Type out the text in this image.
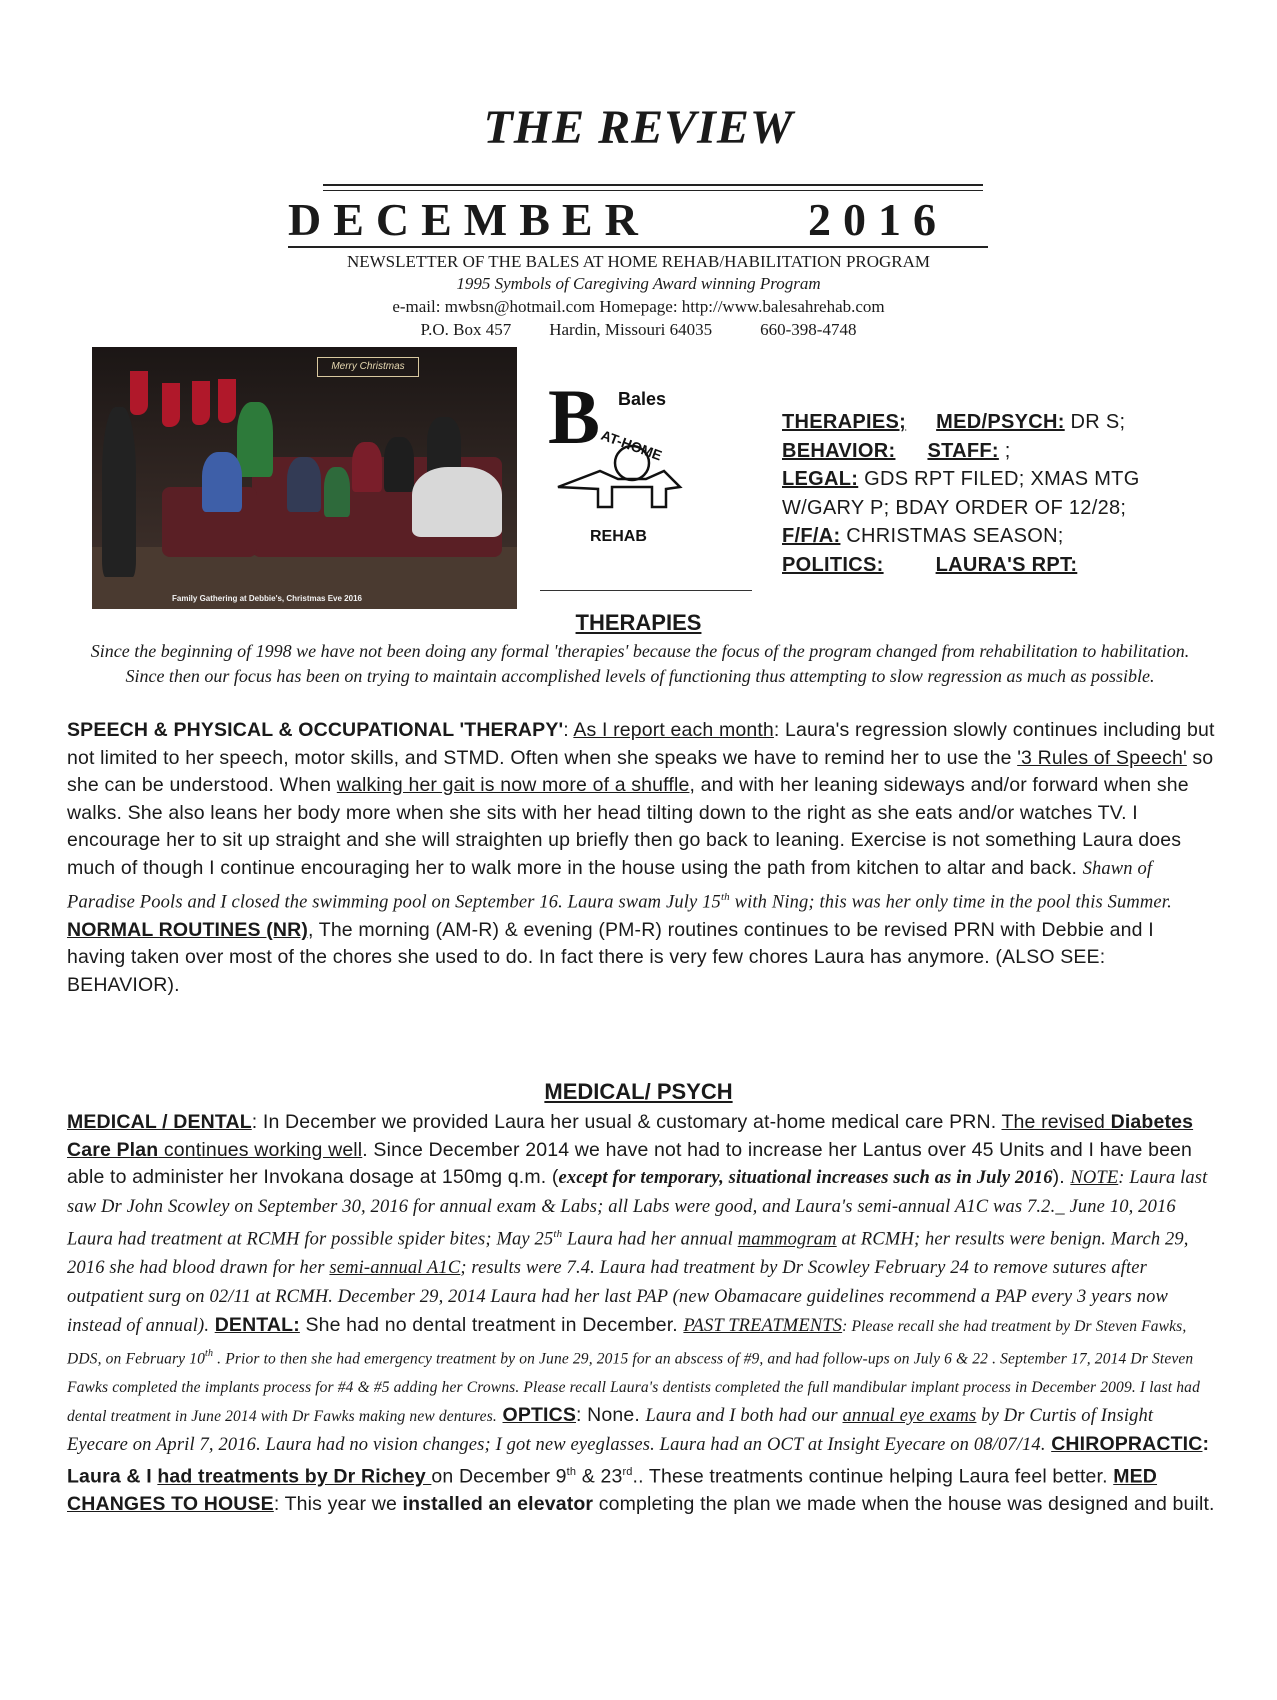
THE REVIEW
DECEMBER	2016
NEWSLETTER OF THE BALES AT HOME REHAB/HABILITATION PROGRAM
1995 Symbols of Caregiving Award winning Program
e-mail: mwbsn@hotmail.com Homepage: http://www.balesahrehab.com
P.O. Box 457 Hardin, Missouri 64035	660-398-4748
Merry Christmas
Family Gathering at Debbie's, Christmas Eve 2016
B Bales
AT-HOME
REHAB
THERAPIES; MED/PSYCH: DR S;
BEHAVIOR: STAFF: ;
LEGAL: GDS RPT FILED; XMAS MTG
W/GARY P; BDAY ORDER OF 12/28;
F/F/A: CHRISTMAS SEASON;
POLITICS:	LAURA'S RPT:
THERAPIES
Since the beginning of 1998 we have not been doing any formal 'therapies' because the focus of the program changed from rehabilitation to habilitation. Since then our focus has been on trying to maintain accomplished levels of functioning thus attempting to slow regression as much as possible.
SPEECH & PHYSICAL & OCCUPATIONAL 'THERAPY': As I report each month: Laura's regression slowly continues including but not limited to her speech, motor skills, and STMD. Often when she speaks we have to remind her to use the '3 Rules of Speech' so she can be understood. When walking her gait is now more of a shuffle, and with her leaning sideways and/or forward when she walks. She also leans her body more when she sits with her head tilting down to the right as she eats and/or watches TV. I encourage her to sit up straight and she will straighten up briefly then go back to leaning. Exercise is not something Laura does much of though I continue encouraging her to walk more in the house using the path from kitchen to altar and back. Shawn of Paradise Pools and I closed the swimming pool on September 16. Laura swam July 15th with Ning; this was her only time in the pool this Summer. NORMAL ROUTINES (NR), The morning (AM-R) & evening (PM-R) routines continues to be revised PRN with Debbie and I having taken over most of the chores she used to do. In fact there is very few chores Laura has anymore. (ALSO SEE: BEHAVIOR).
MEDICAL/ PSYCH
MEDICAL / DENTAL: In December we provided Laura her usual & customary at-home medical care PRN. The revised Diabetes Care Plan continues working well. Since December 2014 we have not had to increase her Lantus over 45 Units and I have been able to administer her Invokana dosage at 150mg q.m. (except for temporary, situational increases such as in July 2016). NOTE: Laura last saw Dr John Scowley on September 30, 2016 for annual exam & Labs; all Labs were good, and Laura's semi-annual A1C was 7.2._ June 10, 2016 Laura had treatment at RCMH for possible spider bites; May 25th Laura had her annual mammogram at RCMH; her results were benign. March 29, 2016 she had blood drawn for her semi-annual A1C; results were 7.4. Laura had treatment by Dr Scowley February 24 to remove sutures after outpatient surg on 02/11 at RCMH. December 29, 2014 Laura had her last PAP (new Obamacare guidelines recommend a PAP every 3 years now instead of annual). DENTAL: She had no dental treatment in December. PAST TREATMENTS: Please recall she had treatment by Dr Steven Fawks, DDS, on February 10th . Prior to then she had emergency treatment by on June 29, 2015 for an abscess of #9, and had follow-ups on July 6 & 22 . September 17, 2014 Dr Steven Fawks completed the implants process for #4 & #5 adding her Crowns. Please recall Laura's dentists completed the full mandibular implant process in December 2009. I last had dental treatment in June 2014 with Dr Fawks making new dentures. OPTICS: None. Laura and I both had our annual eye exams by Dr Curtis of Insight Eyecare on April 7, 2016. Laura had no vision changes; I got new eyeglasses. Laura had an OCT at Insight Eyecare on 08/07/14. CHIROPRACTIC: Laura & I had treatments by Dr Richey on December 9th & 23rd.. These treatments continue helping Laura feel better. MED CHANGES TO HOUSE: This year we installed an elevator completing the plan we made when the house was designed and built.
